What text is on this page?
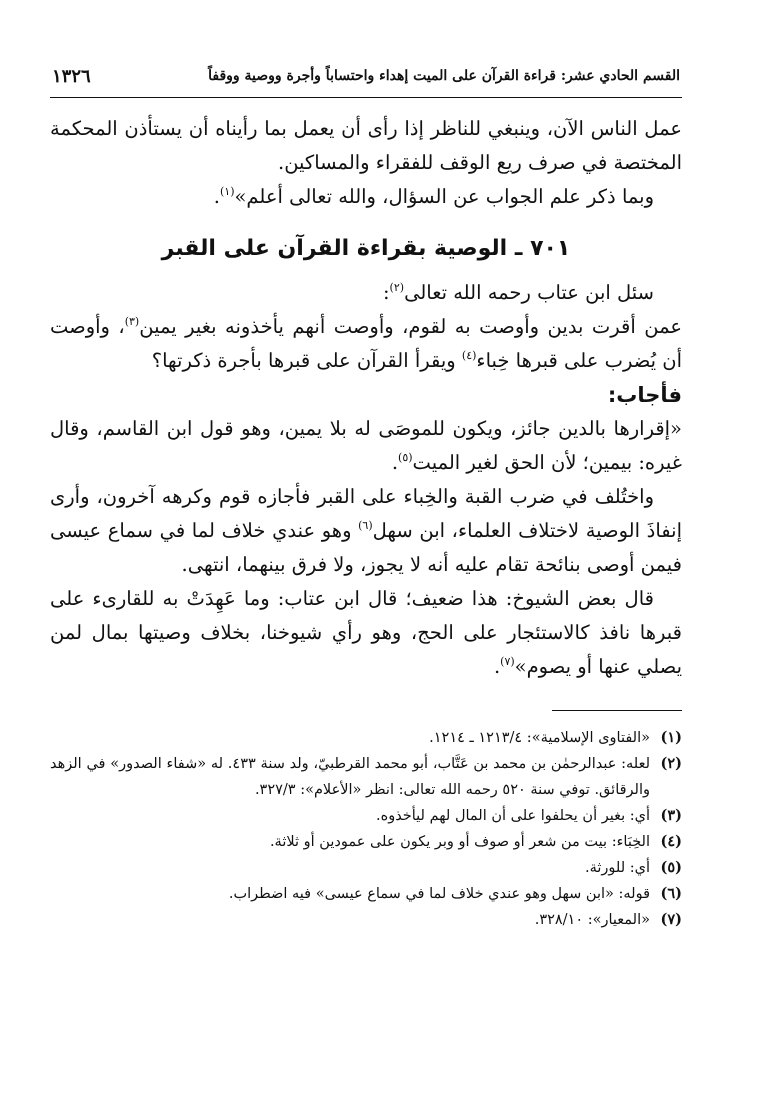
القسم الحادي عشر: قراءة القرآن على الميت إهداء واحتساباً وأجرة ووصية ووقفاً
١٣٢٦

عمل الناس الآن، وينبغي للناظر إذا رأى أن يعمل بما رأيناه أن يستأذن المحكمة المختصة في صرف ريع الوقف للفقراء والمساكين.

وبما ذكر علم الجواب عن السؤال، والله تعالى أعلم»$^{(١)}$.

٧٠١ ـ الوصية بقراءة القرآن على القبر

سئل ابن عتاب رحمه الله تعالى$^{(٢)}$:

عمن أقرت بدين وأوصت به لقوم، وأوصت أنهم يأخذونه بغير يمين$^{(٣)}$، وأوصت أن يُضرب على قبرها خِباء$^{(٤)}$ ويقرأ القرآن على قبرها بأجرة ذكرتها؟

فأجاب:

«إقرارها بالدين جائز، ويكون للموصَى له بلا يمين، وهو قول ابن القاسم، وقال غيره: بيمين؛ لأن الحق لغير الميت$^{(٥)}$.

واختُلف في ضرب القبة والخِباء على القبر فأجازه قوم وكرهه آخرون، وأرى إنفاذَ الوصية لاختلاف العلماء، ابن سهل$^{(٦)}$ وهو عندي خلاف لما في سماع عيسى فيمن أوصى بنائحة تقام عليه أنه لا يجوز، ولا فرق بينهما، انتهى.

قال بعض الشيوخ: هذا ضعيف؛ قال ابن عتاب: وما عَهِدَتْ به للقارىء على قبرها نافذ كالاستئجار على الحج، وهو رأي شيوخنا، بخلاف وصيتها بمال لمن يصلي عنها أو يصوم»$^{(٧)}$.

(١)
«الفتاوى الإسلامية»: ١٢١٣/٤ ـ ١٢١٤.
(٢)
لعله: عبدالرحمٰن بن محمد بن عَتَّاب، أبو محمد القرطبيّ، ولد سنة ٤٣٣. له «شفاء الصدور» في الزهد والرقائق. توفي سنة ٥٢٠ رحمه الله تعالى: انظر «الأعلام»: ٣٢٧/٣.
(٣)
أي: بغير أن يحلفوا على أن المال لهم ليأخذوه.
(٤)
الخِبَاء: بيت من شعر أو صوف أو وبر يكون على عمودين أو ثلاثة.
(٥)
أي: للورثة.
(٦)
قوله: «ابن سهل وهو عندي خلاف لما في سماع عيسى» فيه اضطراب.
(٧)
«المعيار»: ٣٢٨/١٠.
